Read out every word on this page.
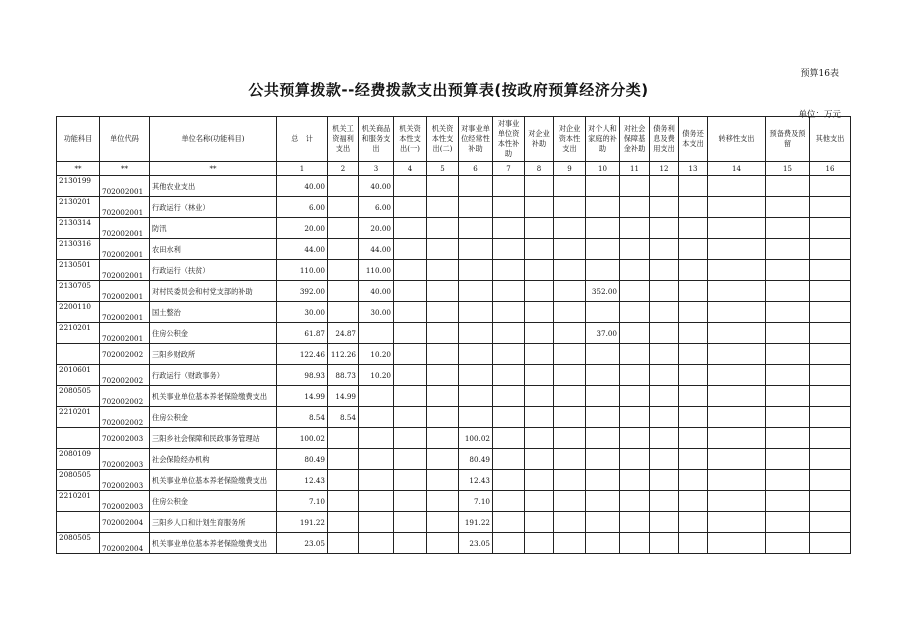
预算16表
公共预算拨款--经费拨款支出预算表(按政府预算经济分类)
单位：万元
功能科目	单位代码	单位名称(功能科目)	总　计	机关工资福利支出	机关商品和服务支出	机关资本性支出(一)	机关资本性支出(二)	对事业单位经常性补助	对事业单位资本性补助	对企业补助	对企业资本性支出	对个人和家庭的补助	对社会保障基金补助	债务利息及费用支出	债务还本支出	转移性支出	预备费及预留	其他支出	
**	**	**	1	2	3	4	5	6	7	8	9	10	11	12	13	14	15	16	
2130199	702002001	其他农业支出	40.00		40.00														
2130201	702002001	行政运行（林业）	6.00		6.00														
2130314	702002001	防汛	20.00		20.00														
2130316	702002001	农田水利	44.00		44.00														
2130501	702002001	行政运行（扶贫）	110.00		110.00														
2130705	702002001	对村民委员会和村党支部的补助	392.00		40.00							352.00							
2200110	702002001	国土整治	30.00		30.00														
2210201	702002001	住房公积金	61.87	24.87								37.00							
	702002002	三阳乡财政所	122.46	112.26	10.20														
2010601	702002002	行政运行（财政事务）	98.93	88.73	10.20														
2080505	702002002	机关事业单位基本养老保险缴费支出	14.99	14.99															
2210201	702002002	住房公积金	8.54	8.54															
	702002003	三阳乡社会保障和民政事务管理站	100.02					100.02											
2080109	702002003	社会保险经办机构	80.49					80.49											
2080505	702002003	机关事业单位基本养老保险缴费支出	12.43					12.43											
2210201	702002003	住房公积金	7.10					7.10											
	702002004	三阳乡人口和计划生育服务所	191.22					191.22											
2080505	702002004	机关事业单位基本养老保险缴费支出	23.05					23.05											
